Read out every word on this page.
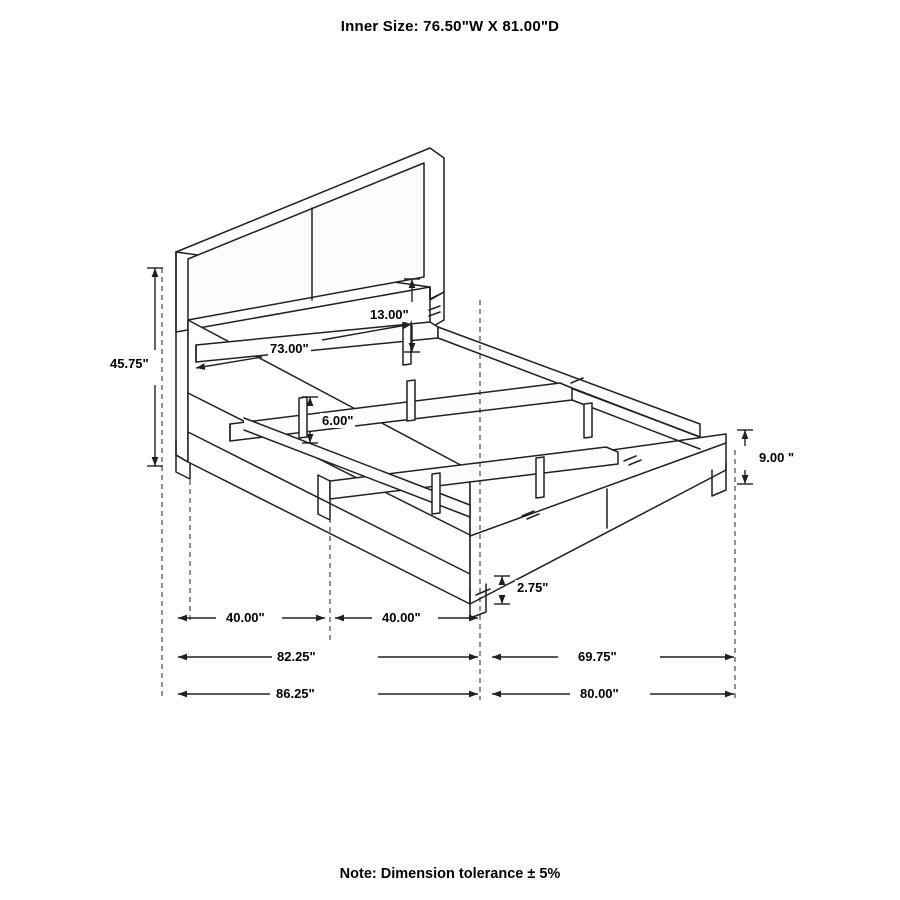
Inner Size: 76.50"W X 81.00"D
45.75"
73.00"
13.00"
6.00"
9.00 "
2.75"
40.00"	40.00"
82.25"	69.75"
86.25"	80.00"
Note: Dimension tolerance ± 5%
